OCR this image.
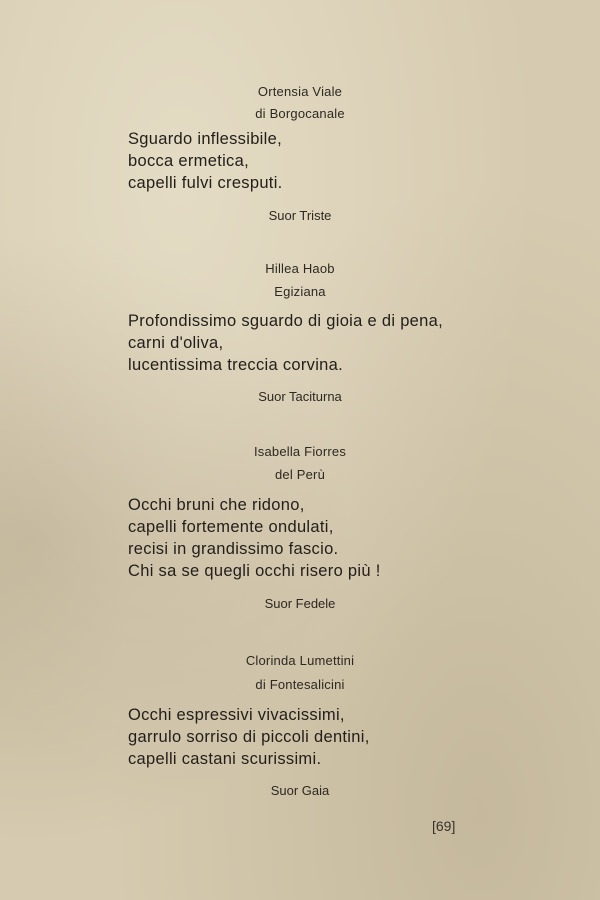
Ortensia Viale
di Borgocanale
Sguardo inflessibile,
bocca ermetica,
capelli fulvi cresputi.
Suor Triste
Hillea Haob
Egiziana
Profondissimo sguardo di gioia e di pena,
carni d'oliva,
lucentissima treccia corvina.
Suor Taciturna
Isabella Fiorres
del Perù
Occhi bruni che ridono,
capelli fortemente ondulati,
recisi in grandissimo fascio.
Chi sa se quegli occhi risero più !
Suor Fedele
Clorinda Lumettini
di Fontesalicini
Occhi espressivi vivacissimi,
garrulo sorriso di piccoli dentini,
capelli castani scurissimi.
Suor Gaia
[69]
